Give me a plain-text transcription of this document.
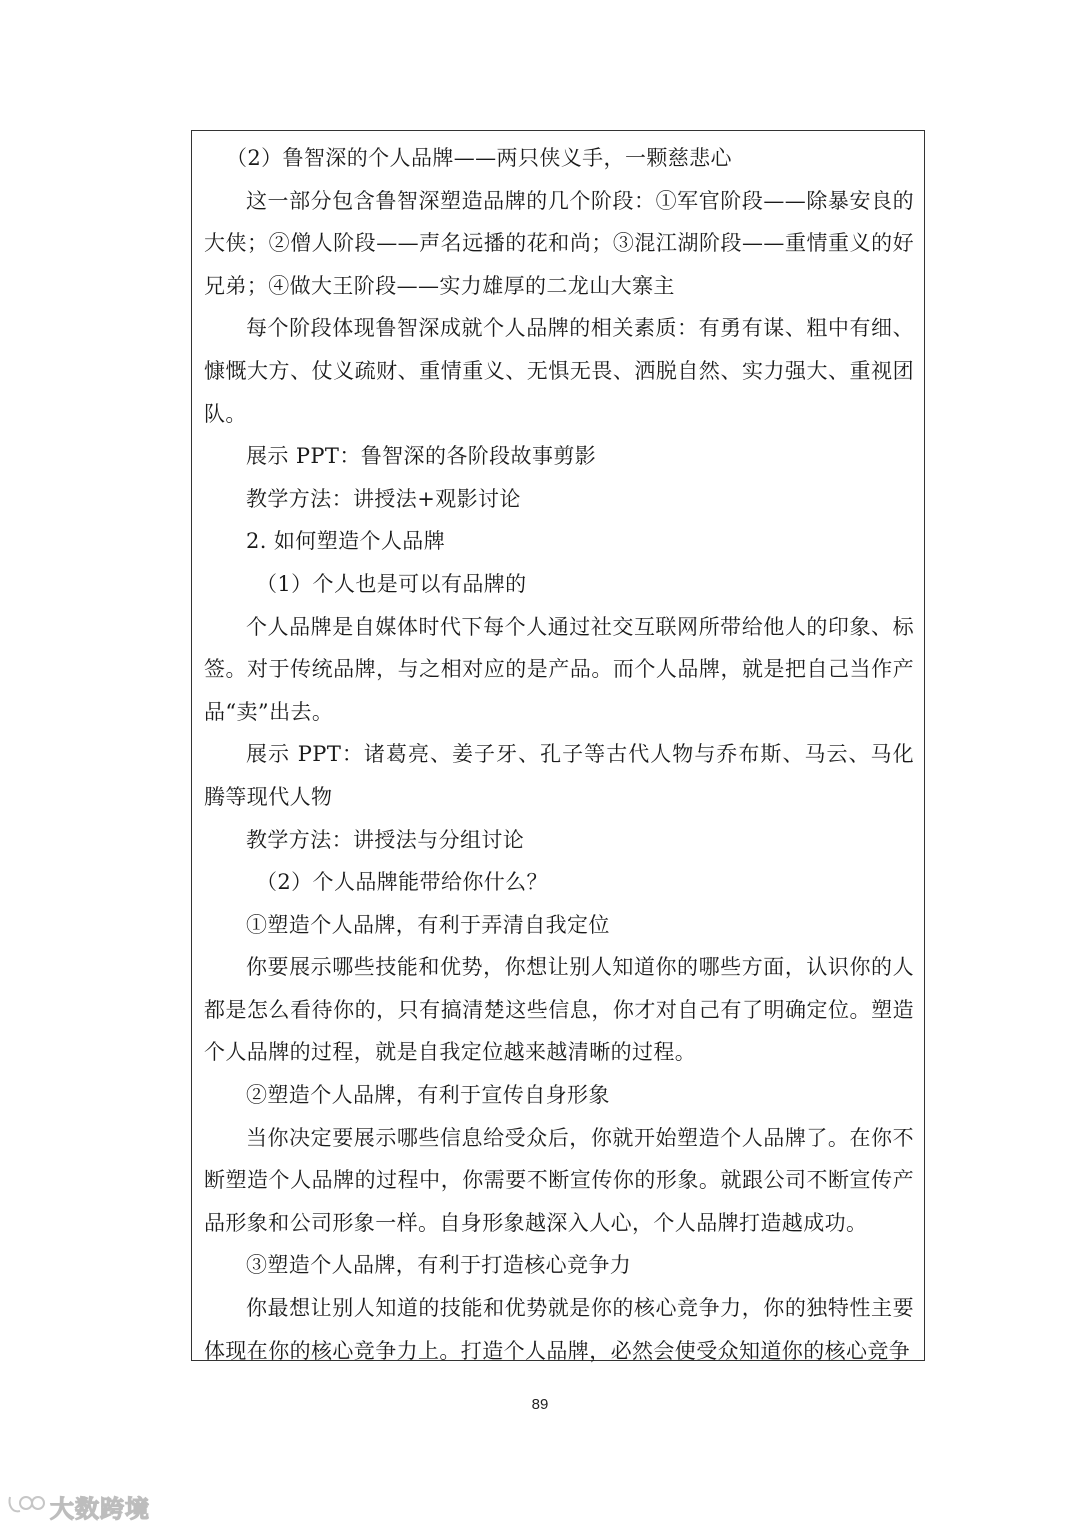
（2）鲁智深的个人品牌——两只侠义手，一颗慈悲心

这一部分包含鲁智深塑造品牌的几个阶段：①军官阶段——除暴安良的大侠；②僧人阶段——声名远播的花和尚；③混江湖阶段——重情重义的好兄弟；④做大王阶段——实力雄厚的二龙山大寨主

每个阶段体现鲁智深成就个人品牌的相关素质：有勇有谋、粗中有细、慷慨大方、仗义疏财、重情重义、无惧无畏、洒脱自然、实力强大、重视团队。

展示 PPT：鲁智深的各阶段故事剪影

教学方法：讲授法+观影讨论

2. 如何塑造个人品牌

（1）个人也是可以有品牌的

个人品牌是自媒体时代下每个人通过社交互联网所带给他人的印象、标签。对于传统品牌，与之相对应的是产品。而个人品牌，就是把自己当作产品“卖”出去。

展示 PPT：诸葛亮、姜子牙、孔子等古代人物与乔布斯、马云、马化腾等现代人物

教学方法：讲授法与分组讨论

（2）个人品牌能带给你什么？

①塑造个人品牌，有利于弄清自我定位

你要展示哪些技能和优势，你想让别人知道你的哪些方面，认识你的人都是怎么看待你的，只有搞清楚这些信息，你才对自己有了明确定位。塑造个人品牌的过程，就是自我定位越来越清晰的过程。

②塑造个人品牌，有利于宣传自身形象

当你决定要展示哪些信息给受众后，你就开始塑造个人品牌了。在你不断塑造个人品牌的过程中，你需要不断宣传你的形象。就跟公司不断宣传产品形象和公司形象一样。自身形象越深入人心，个人品牌打造越成功。

③塑造个人品牌，有利于打造核心竞争力

你最想让别人知道的技能和优势就是你的核心竞争力，你的独特性主要体现在你的核心竞争力上。打造个人品牌，必然会使受众知道你的核心竞争

89
大数跨境
